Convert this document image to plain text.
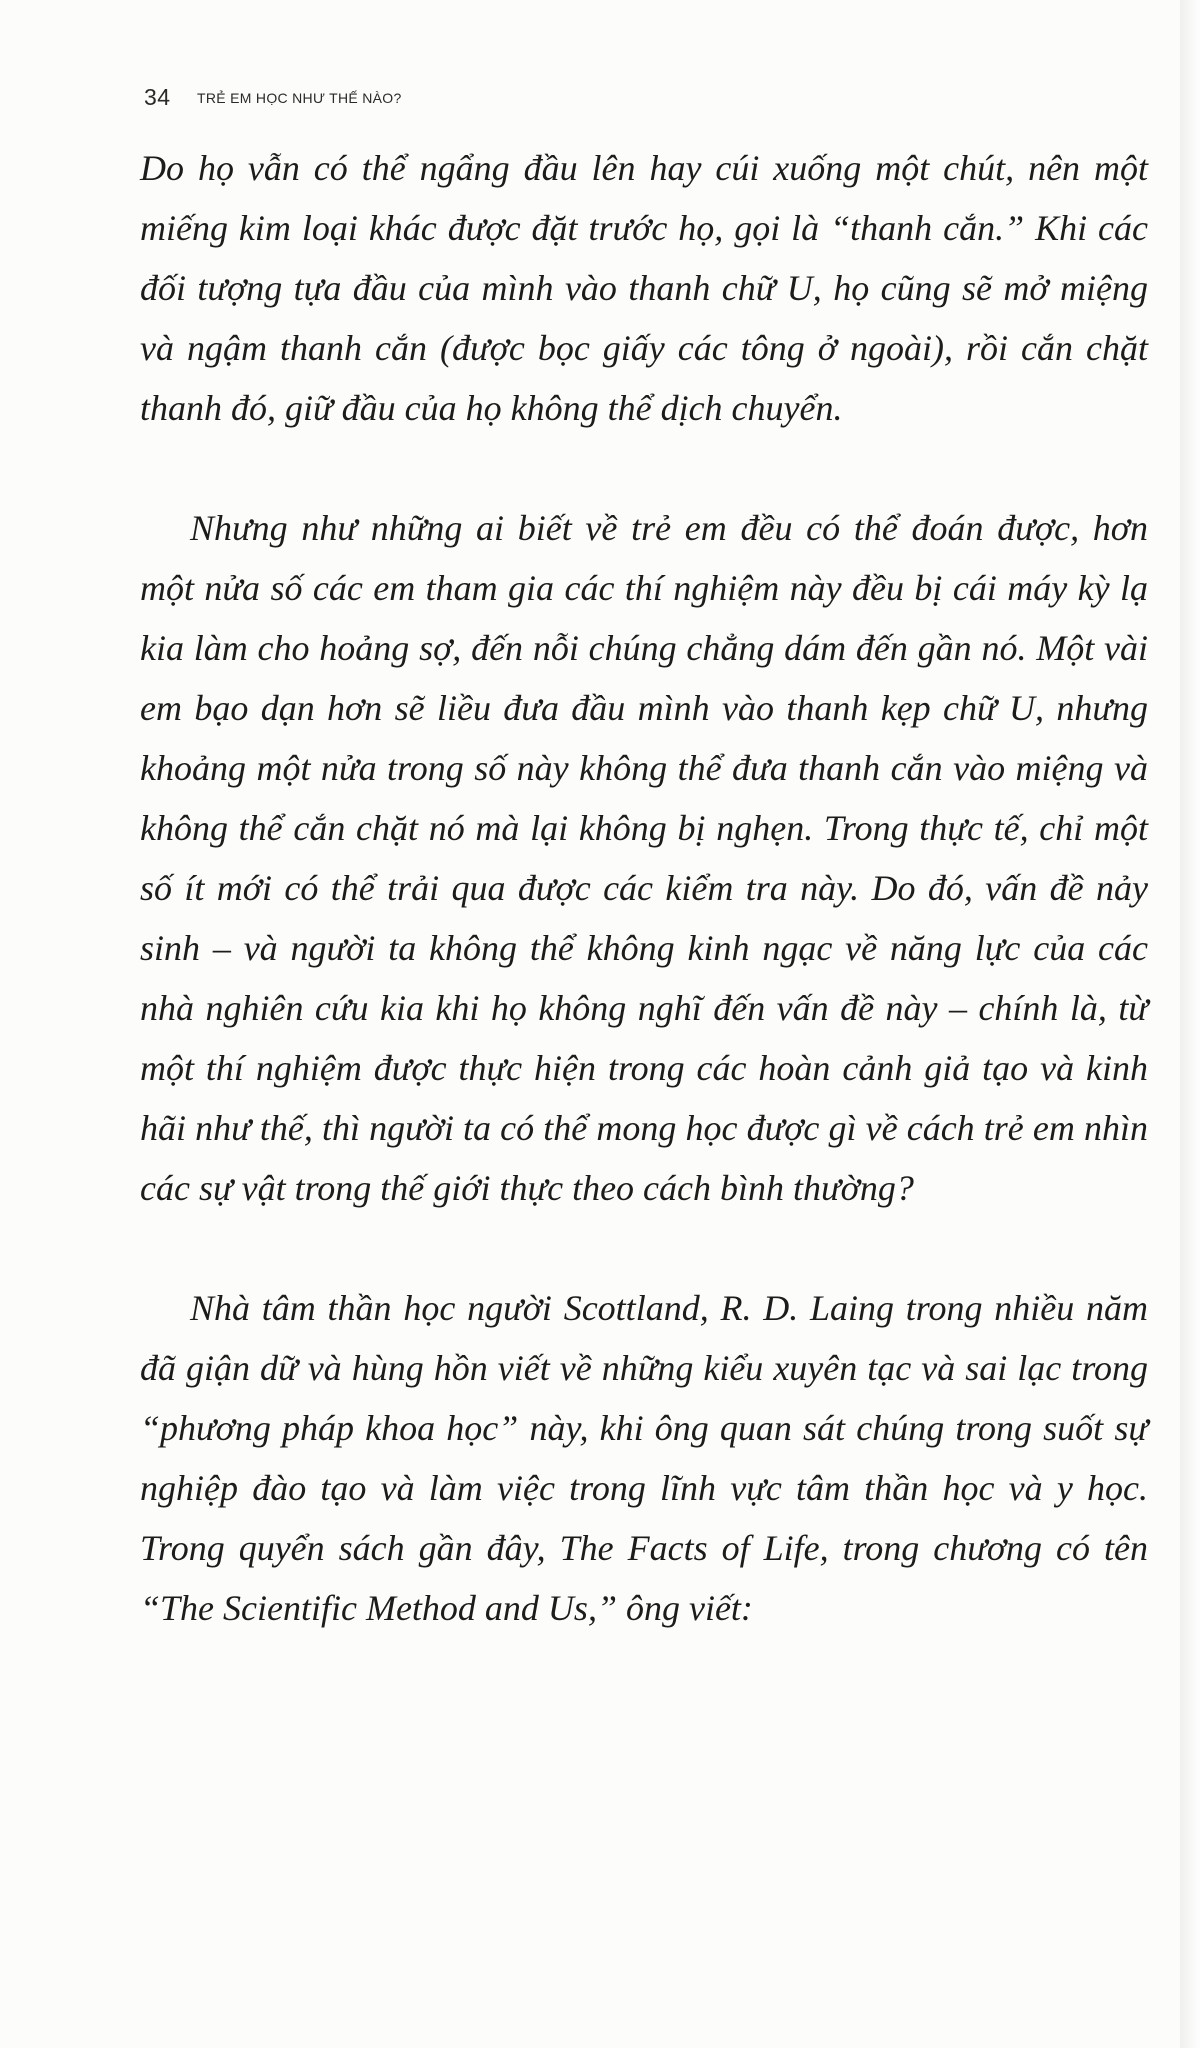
34 TRẺ EM HỌC NHƯ THẾ NÀO?

Do họ vẫn có thể ngẩng đầu lên hay cúi xuống một chút, nên một miếng kim loại khác được đặt trước họ, gọi là “thanh cắn.” Khi các đối tượng tựa đầu của mình vào thanh chữ U, họ cũng sẽ mở miệng và ngậm thanh cắn (được bọc giấy các tông ở ngoài), rồi cắn chặt thanh đó, giữ đầu của họ không thể dịch chuyển.

Nhưng như những ai biết về trẻ em đều có thể đoán được, hơn một nửa số các em tham gia các thí nghiệm này đều bị cái máy kỳ lạ kia làm cho hoảng sợ, đến nỗi chúng chẳng dám đến gần nó. Một vài em bạo dạn hơn sẽ liều đưa đầu mình vào thanh kẹp chữ U, nhưng khoảng một nửa trong số này không thể đưa thanh cắn vào miệng và không thể cắn chặt nó mà lại không bị nghẹn. Trong thực tế, chỉ một số ít mới có thể trải qua được các kiểm tra này. Do đó, vấn đề nảy sinh – và người ta không thể không kinh ngạc về năng lực của các nhà nghiên cứu kia khi họ không nghĩ đến vấn đề này – chính là, từ một thí nghiệm được thực hiện trong các hoàn cảnh giả tạo và kinh hãi như thế, thì người ta có thể mong học được gì về cách trẻ em nhìn các sự vật trong thế giới thực theo cách bình thường?

Nhà tâm thần học người Scottland, R. D. Laing trong nhiều năm đã giận dữ và hùng hồn viết về những kiểu xuyên tạc và sai lạc trong “phương pháp khoa học” này, khi ông quan sát chúng trong suốt sự nghiệp đào tạo và làm việc trong lĩnh vực tâm thần học và y học. Trong quyển sách gần đây, The Facts of Life, trong chương có tên “The Scientific Method and Us,” ông viết:
